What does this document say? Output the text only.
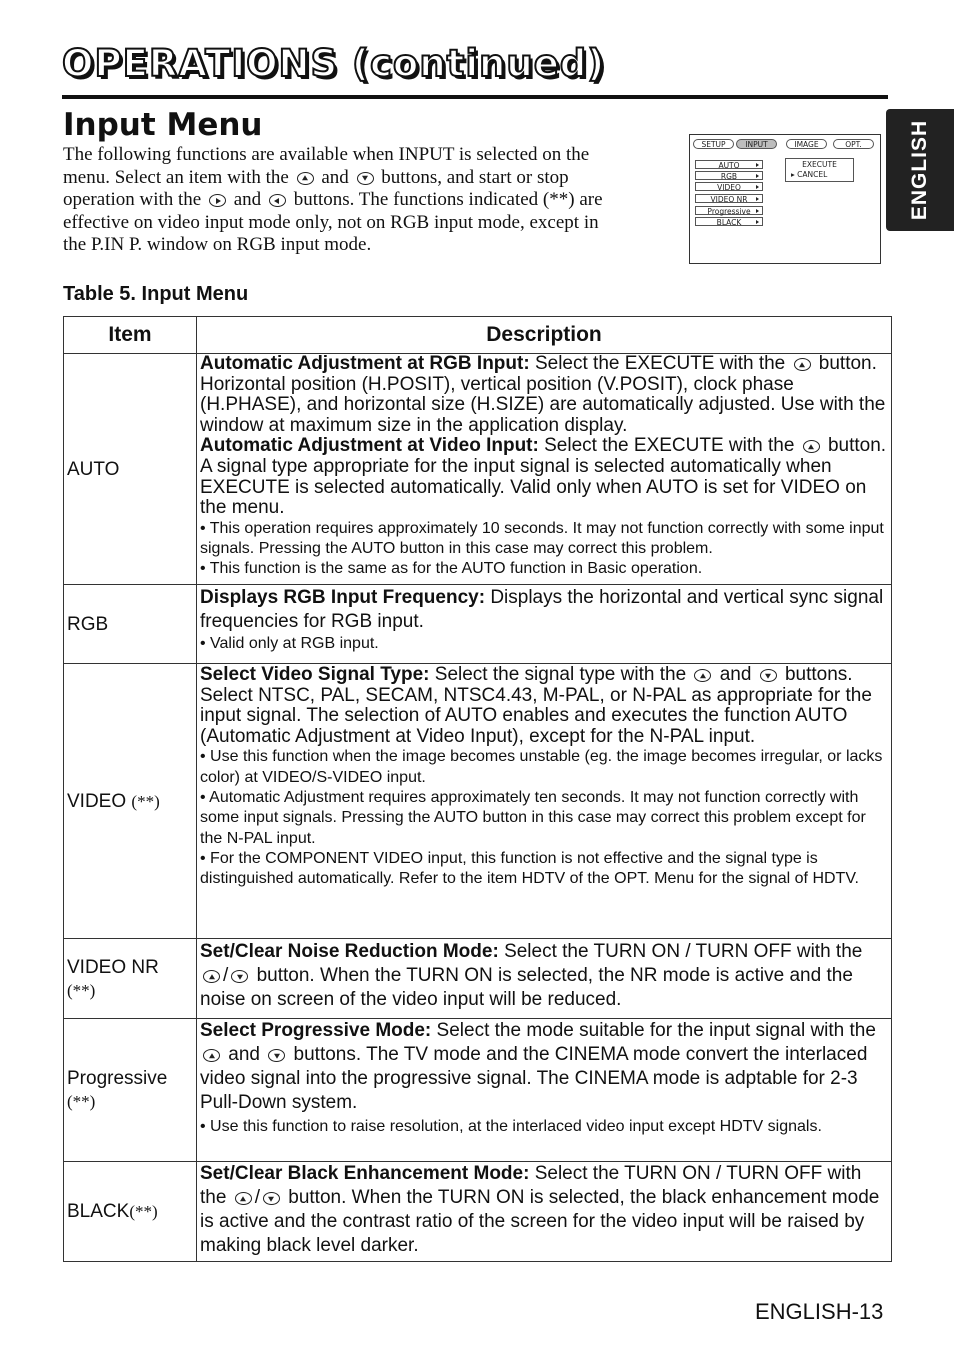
OPERATIONS (continued)
Input Menu
The following functions are available when INPUT is selected on the
menu. Select an item with the and buttons, and start or stop
operation with the and buttons. The functions indicated (**) are
effective on video input mode only, not on RGB input mode, except in
the P.IN P. window on RGB input mode.
SETUP	INPUT	IMAGE	OPT.
AUTO
RGB
VIDEO
VIDEO NR
Progressive
BLACK
EXECUTE
▸ CANCEL	ENGLISH
Table 5. Input Menu
Item	Description
AUTO	Automatic Adjustment at RGB Input: Select the EXECUTE with the button. Horizontal position (H.POSIT), vertical position (V.POSIT), clock phase (H.PHASE), and horizontal size (H.SIZE) are automatically adjusted. Use with the window at maximum size in the application display.
Automatic Adjustment at Video Input: Select the EXECUTE with the button. A signal type appropriate for the input signal is selected automatically when EXECUTE is selected automatically. Valid only when AUTO is set for VIDEO on the menu.
• This operation requires approximately 10 seconds. It may not function correctly with some input signals. Pressing the AUTO button in this case may correct this problem.
• This function is the same as for the AUTO function in Basic operation.

RGB	Displays RGB Input Frequency: Displays the horizontal and vertical sync signal frequencies for RGB input.
• Valid only at RGB input.

VIDEO (**)	Select Video Signal Type: Select the signal type with the and buttons. Select NTSC, PAL, SECAM, NTSC4.43, M-PAL, or N-PAL as appropriate for the input signal. The selection of AUTO enables and executes the function AUTO (Automatic Adjustment at Video Input), except for the N-PAL input.
• Use this function when the image becomes unstable (eg. the image becomes irregular, or lacks color) at VIDEO/S-VIDEO input.
• Automatic Adjustment requires approximately ten seconds. It may not function correctly with some input signals. Pressing the AUTO button in this case may correct this problem except for the N-PAL input.
• For the COMPONENT VIDEO input, this function is not effective and the signal type is distinguished automatically. Refer to the item HDTV of the OPT. Menu for the signal of HDTV.

VIDEO NR
(**)	Set/Clear Noise Reduction Mode: Select the TURN ON / TURN OFF with the / button. When the TURN ON is selected, the NR mode is active and the noise on screen of the video input will be reduced.

Progressive
(**)	Select Progressive Mode: Select the mode suitable for the input signal with the  and buttons. The TV mode and the CINEMA mode convert the interlaced video signal into the progressive signal. The CINEMA mode is adptable for 2-3 Pull-Down system.
• Use this function to raise resolution, at the interlaced video input except HDTV signals.

BLACK(**)	Set/Clear Black Enhancement Mode: Select the TURN ON / TURN OFF with the / button. When the TURN ON is selected, the black enhancement mode is active and the contrast ratio of the screen for the video input will be raised by making black level darker.
ENGLISH-13
